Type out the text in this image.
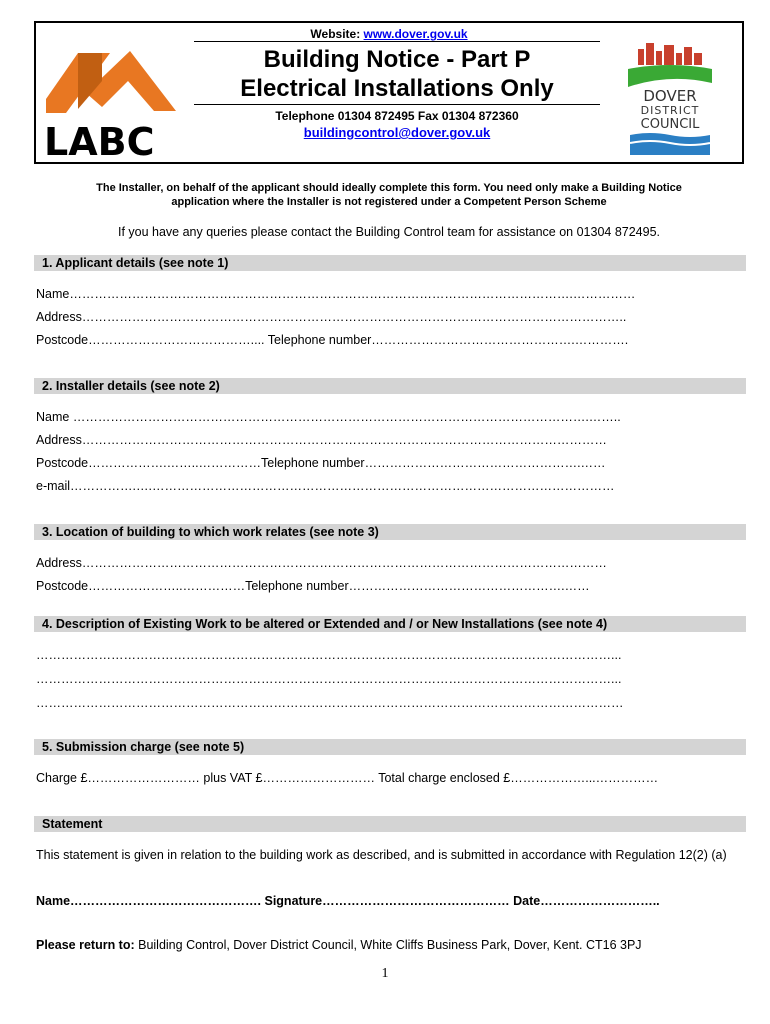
Website: www.dover.gov.uk
LABC
Building Notice - Part P
Electrical Installations Only
Telephone 01304 872495 Fax 01304 872360
buildingcontrol@dover.gov.uk
DOVER
DISTRICT
COUNCIL
The Installer, on behalf of the applicant should ideally complete this form. You need only make a Building Notice
application where the Installer is not registered under a Competent Person Scheme
If you have any queries please contact the Building Control team for assistance on 01304 872495.
1. Applicant details (see note 1)
Name………………………………………………………………………………………………………….……………
Address…………………………………………………………………………………………………………………..
Postcode………………………………….... Telephone number………………………………………….………….
2. Installer details (see note 2)
Name …………………………………………………………………………………………………………….……..
Address………………………………………………………………………………………………………………
Postcode……………….……..……………Telephone number…………………………………………….……
e-mail…………….….…………………………………………………………………………………………………
3. Location of building to which work relates (see note 3)
Address………………………………………………………………………………………………………………
Postcode…………………..……………Telephone number…………………………………………….……
4. Description of Existing Work to be altered or Extended and / or New Installations (see note 4)
…………………………………………………………………………………………………………………………...
…………………………………………………………………………………………………………………………...
……………………………………………………………………………………………………………………………
5. Submission charge (see note 5)
Charge £……………………… plus VAT £……………………… Total charge enclosed £………………...……………
Statement
This statement is given in relation to the building work as described, and is submitted in accordance with Regulation 12(2) (a)
Name………………………………………. Signature……………………………………… Date………………………..
Please return to: Building Control, Dover District Council, White Cliffs Business Park, Dover, Kent. CT16 3PJ
1
